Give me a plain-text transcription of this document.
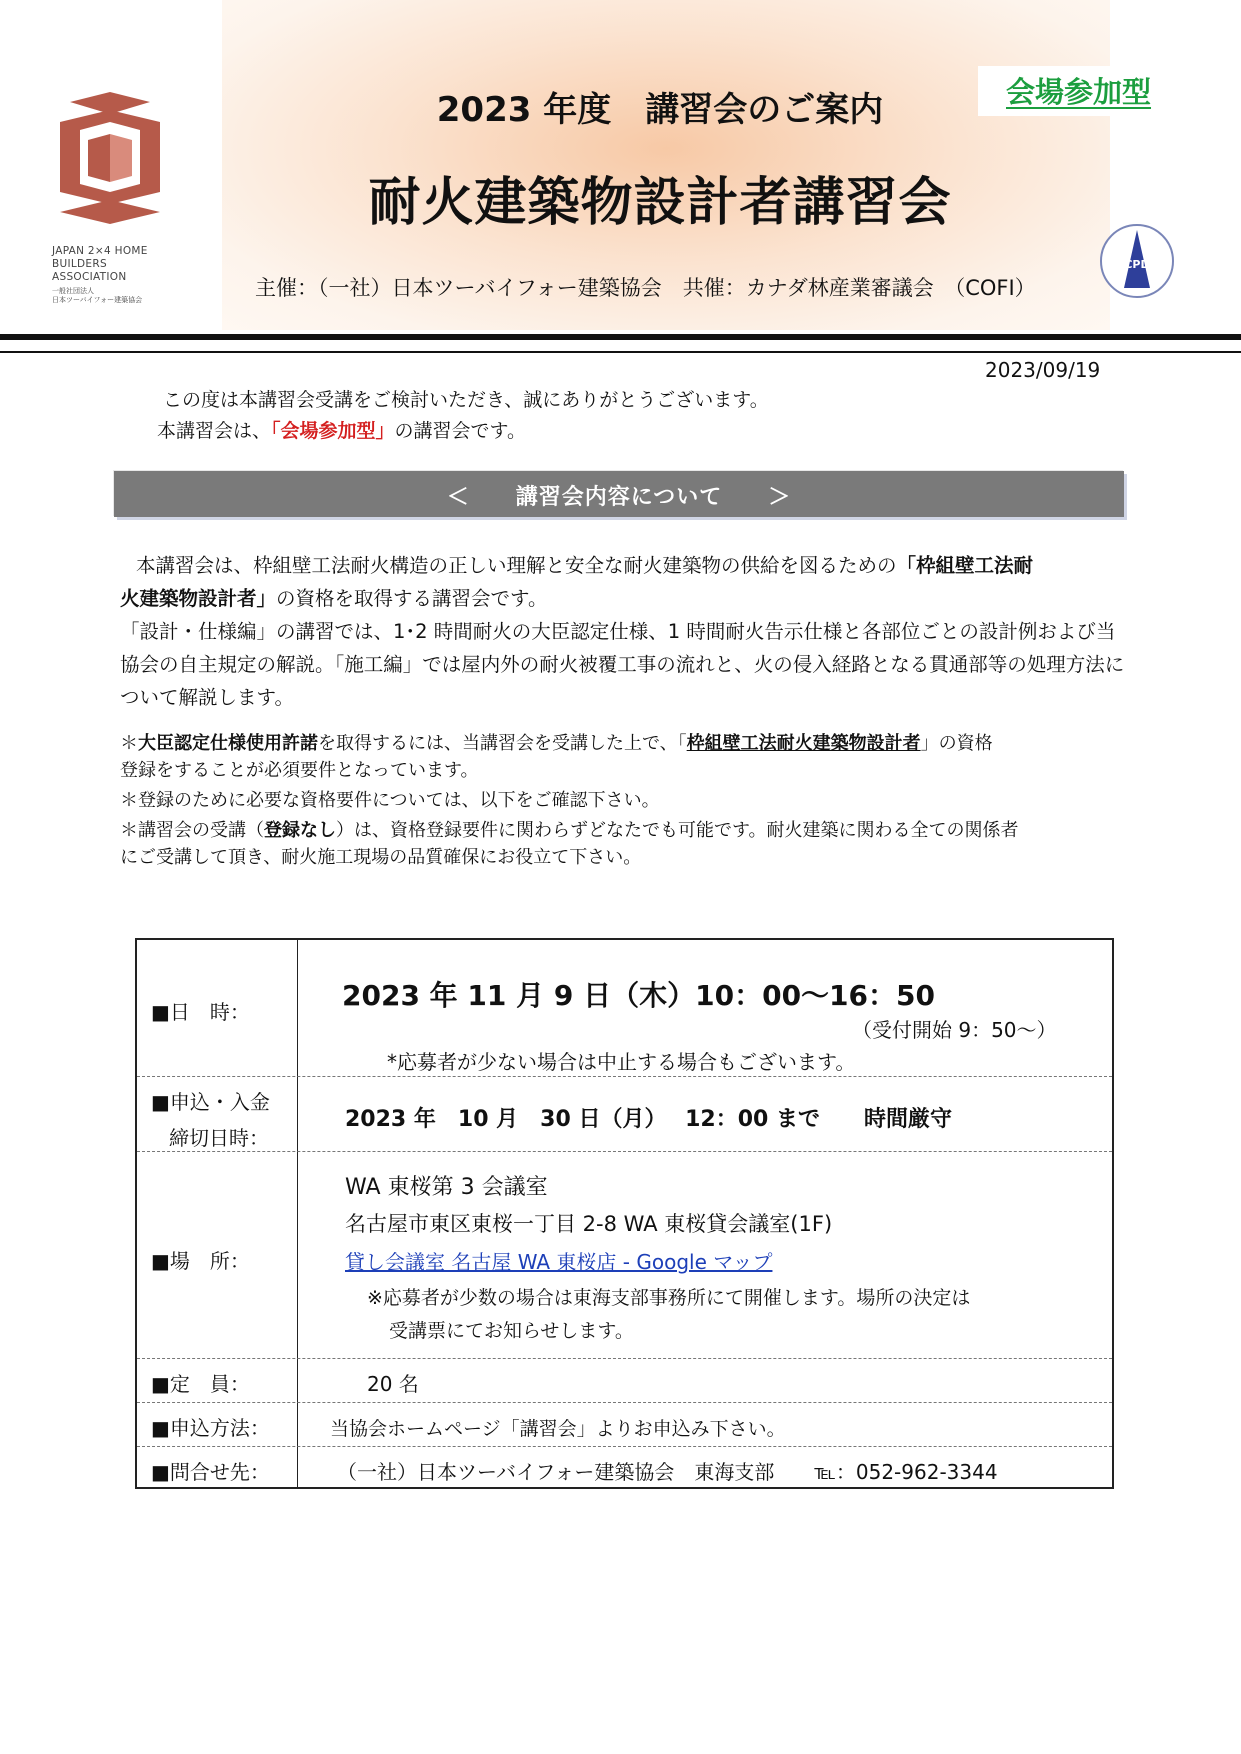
JAPAN 2×4 HOME
BUILDERS
ASSOCIATION
一般社団法人
日本ツーバイフォー建築協会
会場参加型
2023 年度　講習会のご案内
耐火建築物設計者講習会
主催：（一社）日本ツーバイフォー建築協会　共催：カナダ林産業審議会　（COFI）
CPD
2023/09/19
この度は本講習会受講をご検討いただき、誠にありがとうございます。
本講習会は、「会場参加型」の講習会です。
＜　　講習会内容について　　＞
本講習会は、枠組壁工法耐火構造の正しい理解と安全な耐火建築物の供給を図るための「枠組壁工法耐
火建築物設計者」の資格を取得する講習会です。
「設計・仕様編」の講習では、1･2 時間耐火の大臣認定仕様、1 時間耐火告示仕様と各部位ごとの設計例および当協会の自主規定の解説。「施工編」では屋内外の耐火被覆工事の流れと、火の侵入経路となる貫通部等の処理方法について解説します。
＊大臣認定仕様使用許諾を取得するには、当講習会を受講した上で、「枠組壁工法耐火建築物設計者」の資格
登録をすることが必須要件となっています。
＊登録のために必要な資格要件については、以下をご確認下さい。
＊講習会の受講（登録なし）は、資格登録要件に関わらずどなたでも可能です。耐火建築に関わる全ての関係者
にご受講して頂き、耐火施工現場の品質確保にお役立て下さい。
■日　時：	2023 年 11 月 9 日（木）10：00～16：50
（受付開始 9：50～）
*応募者が少ない場合は中止する場合もございます。
■申込・入金
締切日時：
2023 年　10 月　30 日（月）　 12：00 まで　　時間厳守
■場　所：
WA 東桜第 3 会議室
名古屋市東区東桜一丁目 2-8 WA 東桜貸会議室(1F)
貸し会議室 名古屋 WA 東桜店 - Google マップ
※応募者が少数の場合は東海支部事務所にて開催します。場所の決定は
受講票にてお知らせします。
■定　員：	20 名
■申込方法：	当協会ホームページ「講習会」よりお申込み下さい。
■問合せ先：	（一社）日本ツーバイフォー建築協会　東海支部　　℡：052-962-3344
